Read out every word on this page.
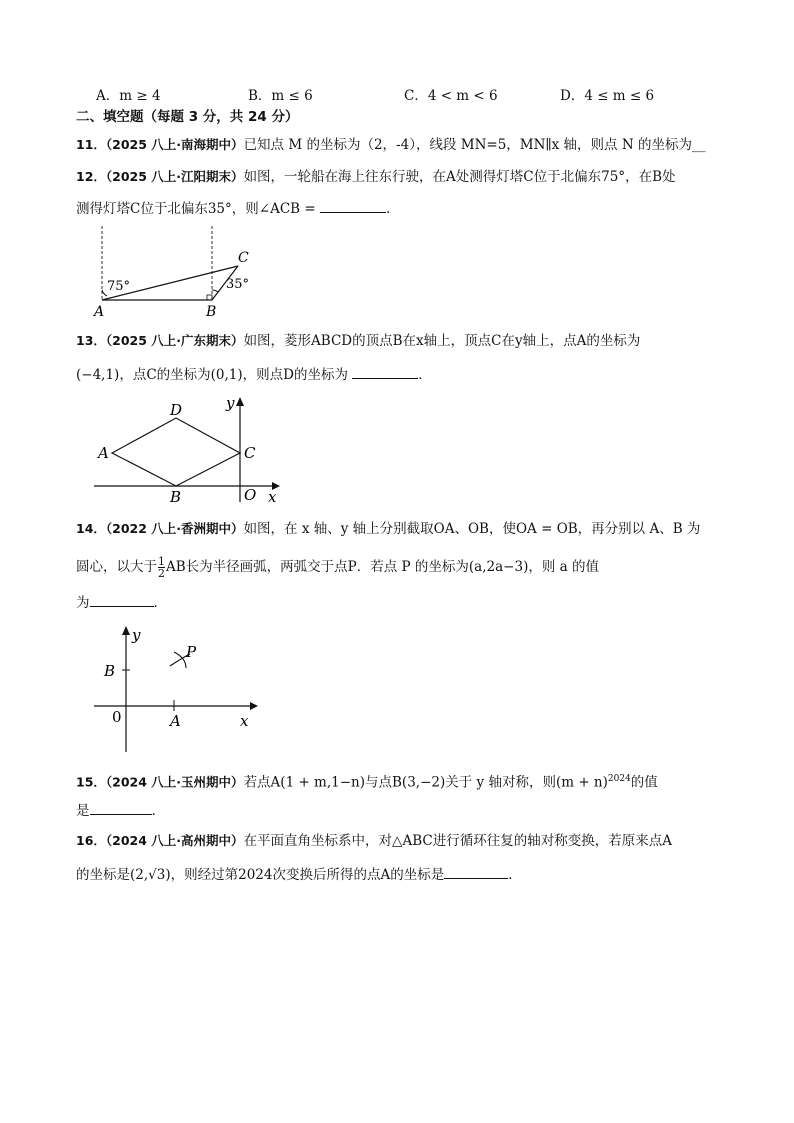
A．m ≥ 4	B．m ≤ 6	C．4 < m < 6	D．4 ≤ m ≤ 6
二、填空题（每题 3 分，共 24 分）
11．（2025 八上·南海期中）已知点 M 的坐标为（2，-4），线段 MN=5，MN∥x 轴，则点 N 的坐标为__
12．（2025 八上·江阳期末）如图，一轮船在海上往东行驶，在A处测得灯塔C位于北偏东75°，在B处
测得灯塔C位于北偏东35°，则∠ACB =	．
75°	35°
A	B
C
13．（2025 八上·广东期末）如图，菱形ABCD的顶点B在x轴上，顶点C在y轴上，点A的坐标为
(−4,1)，点C的坐标为(0,1)，则点D的坐标为	．
A
D
C
B	O x
y
14．（2022 八上·香洲期中）如图，在 x 轴、y 轴上分别截取OA、OB，使OA = OB，再分别以 A、B 为
圆心，以大于 $\frac{1}{2}$ AB长为半径画弧，两弧交于点P．若点 P 的坐标为(a,2a−3)，则 a 的值
为	．
y
P
B
0	A	x
15．（2024 八上·玉州期中）若点A(1 + m,1−n)与点B(3,−2)关于 y 轴对称，则$(m + n)^{2024}$的值
是	．
16．（2024 八上·高州期中）在平面直角坐标系中，对△ABC进行循环往复的轴对称变换，若原来点A
的坐标是(2,√3)，则经过第2024次变换后所得的点A的坐标是	．
